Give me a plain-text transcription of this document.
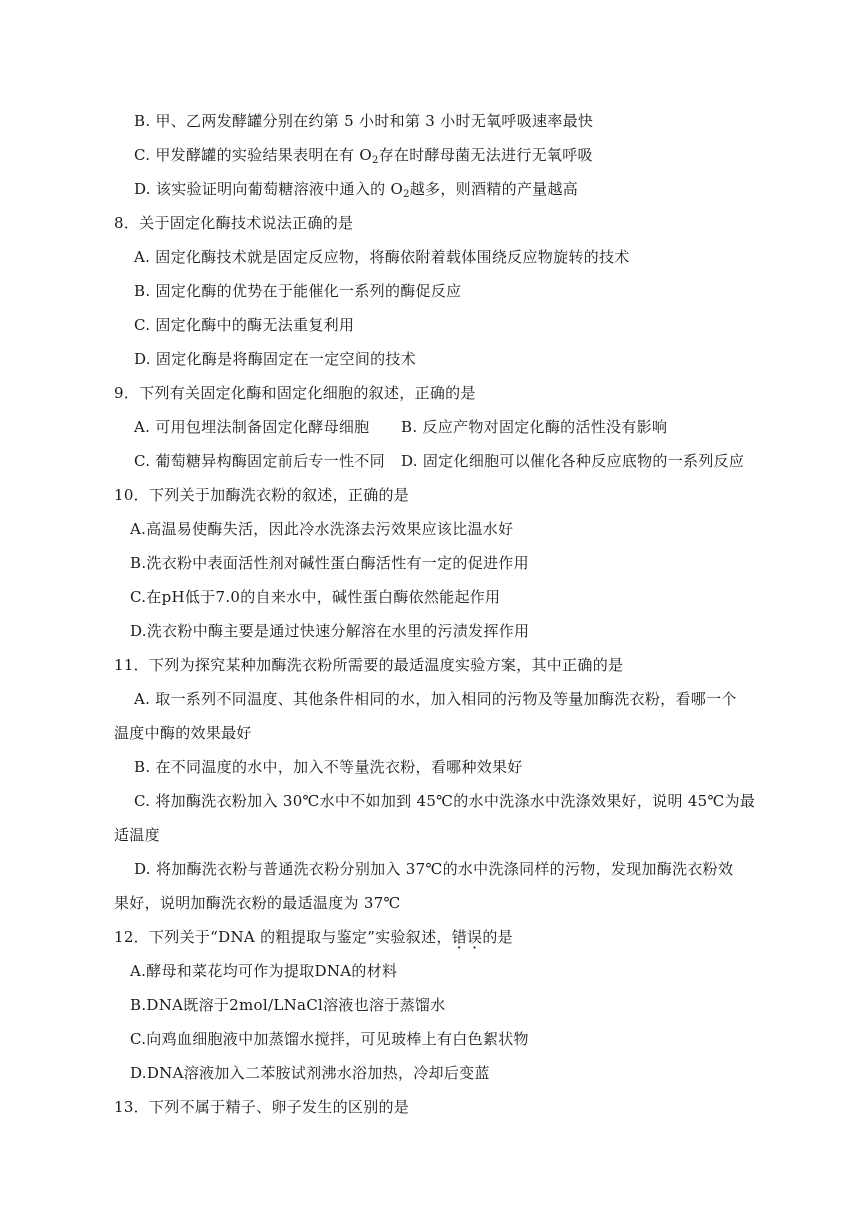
B. 甲、乙两发酵罐分别在约第 5 小时和第 3 小时无氧呼吸速率最快
C. 甲发酵罐的实验结果表明在有 $O_2$存在时酵母菌无法进行无氧呼吸
D. 该实验证明向葡萄糖溶液中通入的 $O_2$越多，则酒精的产量越高
8．关于固定化酶技术说法正确的是
A. 固定化酶技术就是固定反应物，将酶依附着载体围绕反应物旋转的技术
B. 固定化酶的优势在于能催化一系列的酶促反应
C. 固定化酶中的酶无法重复利用
D. 固定化酶是将酶固定在一定空间的技术
9．下列有关固定化酶和固定化细胞的叙述，正确的是
A. 可用包埋法制备固定化酵母细胞 B. 反应产物对固定化酶的活性没有影响
C. 葡萄糖异构酶固定前后专一性不同 D. 固定化细胞可以催化各种反应底物的一系列反应
10．下列关于加酶洗衣粉的叙述，正确的是
A.高温易使酶失活，因此冷水洗涤去污效果应该比温水好
B.洗衣粉中表面活性剂对碱性蛋白酶活性有一定的促进作用
C.在pH低于7.0的自来水中，碱性蛋白酶依然能起作用
D.洗衣粉中酶主要是通过快速分解溶在水里的污渍发挥作用
11．下列为探究某种加酶洗衣粉所需要的最适温度实验方案，其中正确的是
A. 取一系列不同温度、其他条件相同的水，加入相同的污物及等量加酶洗衣粉，看哪一个
温度中酶的效果最好
B. 在不同温度的水中，加入不等量洗衣粉，看哪种效果好
C. 将加酶洗衣粉加入 30℃水中不如加到 45℃的水中洗涤水中洗涤效果好，说明 45℃为最
适温度
D. 将加酶洗衣粉与普通洗衣粉分别加入 37℃的水中洗涤同样的污物，发现加酶洗衣粉效
果好，说明加酶洗衣粉的最适温度为 37℃
12．下列关于“DNA 的粗提取与鉴定”实验叙述，错误的是
A.酵母和菜花均可作为提取DNA的材料
B.DNA既溶于2mol/LNaCl溶液也溶于蒸馏水
C.向鸡血细胞液中加蒸馏水搅拌，可见玻棒上有白色絮状物
D.DNA溶液加入二苯胺试剂沸水浴加热，冷却后变蓝
13．下列不属于精子、卵子发生的区别的是
